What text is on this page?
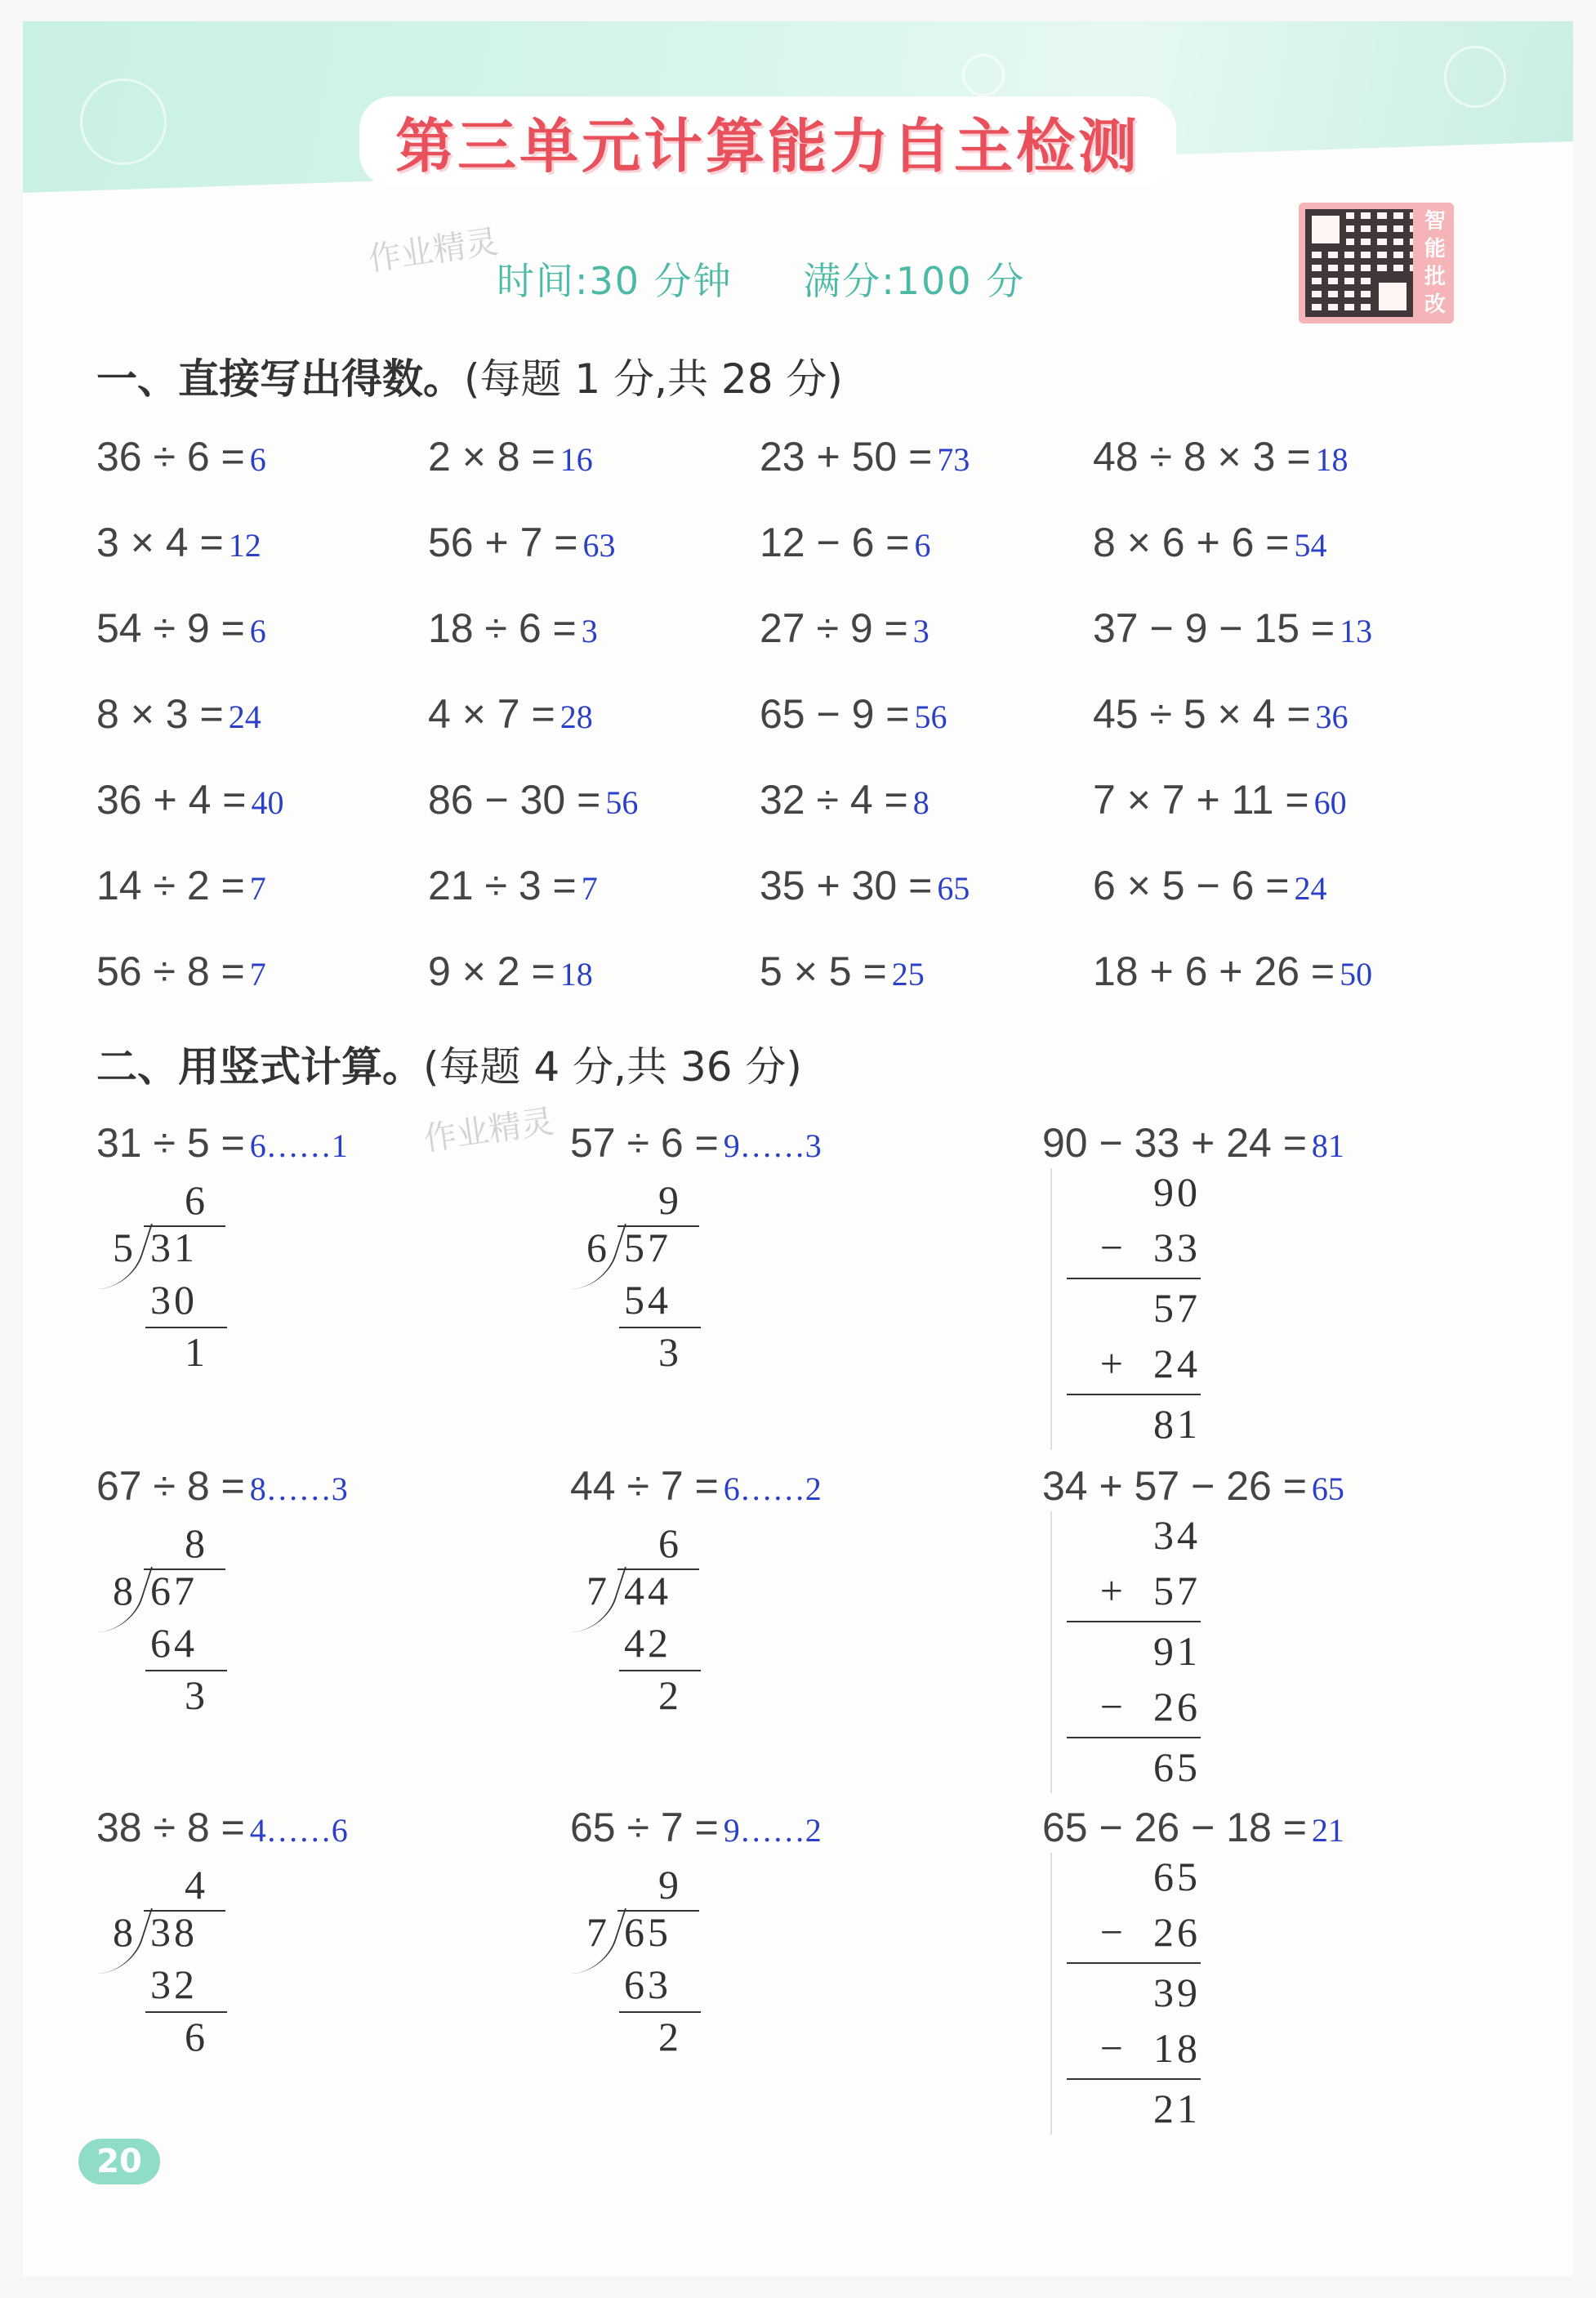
第三单元计算能力自主检测
作业精灵
时间:30 分钟 满分:100 分
智
能
批
改
一、直接写出得数。(每题 1 分,共 28 分)
36 ÷ 6 = 6	2 × 8 = 16	23 + 50 = 73	48 ÷ 8 × 3 = 18
3 × 4 = 12	56 + 7 = 63	12 − 6 = 6	8 × 6 + 6 = 54
54 ÷ 9 = 6	18 ÷ 6 = 3	27 ÷ 9 = 3	37 − 9 − 15 = 13
8 × 3 = 24	4 × 7 = 28	65 − 9 = 56	45 ÷ 5 × 4 = 36
36 + 4 = 40	86 − 30 = 56	32 ÷ 4 = 8	7 × 7 + 11 = 60
14 ÷ 2 = 7	21 ÷ 3 = 7	35 + 30 = 65	6 × 5 − 6 = 24
56 ÷ 8 = 7	9 × 2 = 18	5 × 5 = 25	18 + 6 + 26 = 50
二、用竖式计算。(每题 4 分,共 36 分)
作业精灵
31 ÷ 5 = 6……1
6
5 31
30
1
57 ÷ 6 = 9……3
9
6 57
54
3
67 ÷ 8 = 8……3
8
8 67
64
3
44 ÷ 7 = 6……2
6
7 44
42
2
38 ÷ 8 = 4……6
4
8 38
32
6
65 ÷ 7 = 9……2
9
7 65
63
2
90 − 33 + 24 = 81
90
−  33
57
+  24
81
34 + 57 − 26 = 65
34
+  57
91
−  26
65
65 − 26 − 18 = 21
65
−  26
39
−  18
21
20
